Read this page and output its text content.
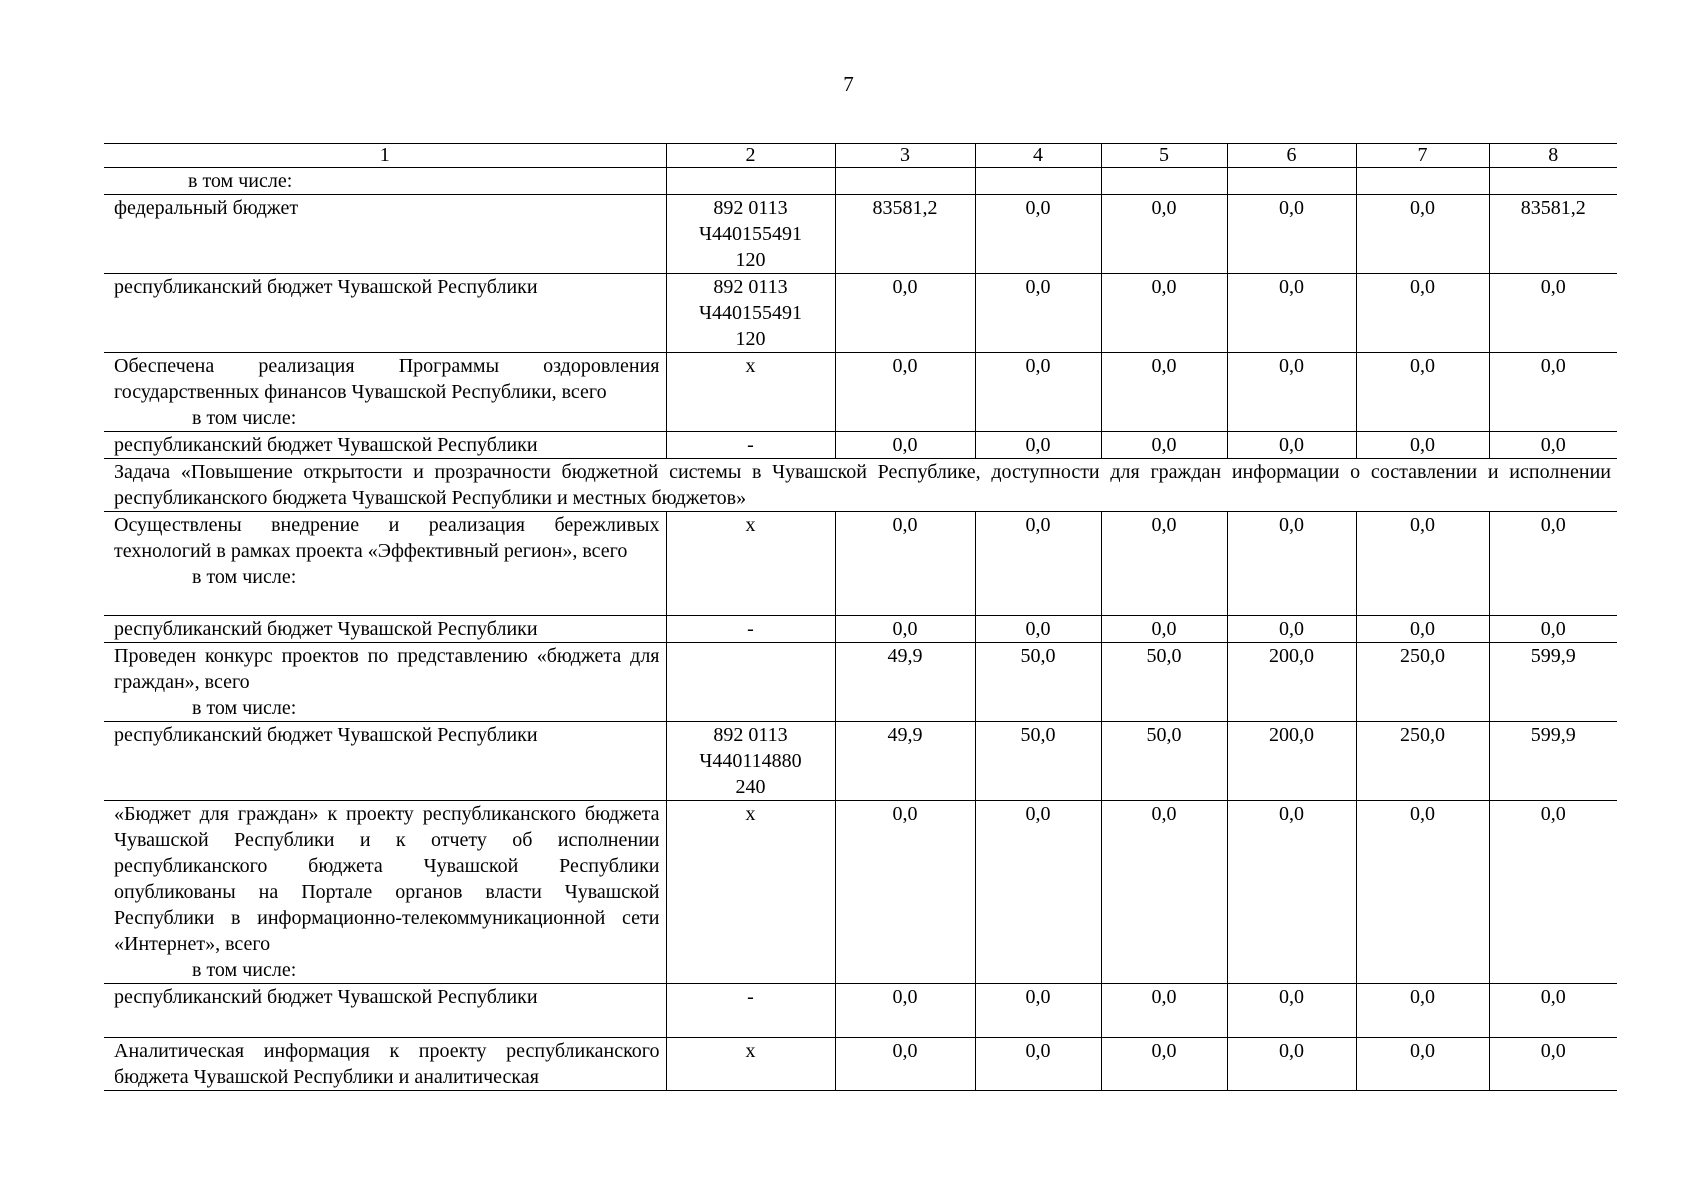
7
1	2	3	4	5	6	7	8

в том числе:							

федеральный бюджет	892 0113
Ч440155491
120	83581,2	0,0	0,0	0,0	0,0	83581,2
республиканский бюджет Чувашской Республики	892 0113
Ч440155491
120	0,0	0,0	0,0	0,0	0,0	0,0
Обеспечена реализация Программы оздоровления государственных финансов Чувашской Республики, всего
в том числе:	х	0,0	0,0	0,0	0,0	0,0	0,0
республиканский бюджет Чувашской Республики	-	0,0	0,0	0,0	0,0	0,0	0,0
Задача «Повышение открытости и прозрачности бюджетной системы в Чувашской Республике, доступности для граждан информации о составлении и исполнении республиканского бюджета Чувашской Республики и местных бюджетов»							
Осуществлены внедрение и реализация бережливых технологий в рамках проекта «Эффективный регион», всего
в том числе:	х	0,0	0,0	0,0	0,0	0,0	0,0
республиканский бюджет Чувашской Республики	-	0,0	0,0	0,0	0,0	0,0	0,0
Проведен конкурс проектов по представлению «бюджета для граждан», всего
в том числе:		49,9	50,0	50,0	200,0	250,0	599,9
республиканский бюджет Чувашской Республики	892 0113
Ч440114880
240	49,9	50,0	50,0	200,0	250,0	599,9
«Бюджет для граждан» к проекту республиканского бюджета Чувашской Республики и к отчету об исполнении республиканского бюджета Чувашской Республики опубликованы на Портале органов власти Чувашской Республики в информационно-телекоммуникационной сети «Интернет», всего
в том числе:	х	0,0	0,0	0,0	0,0	0,0	0,0
республиканский бюджет Чувашской Республики	-	0,0	0,0	0,0	0,0	0,0	0,0
Аналитическая информация к проекту республиканского бюджета Чувашской Республики и аналитическая	х	0,0	0,0	0,0	0,0	0,0	0,0
